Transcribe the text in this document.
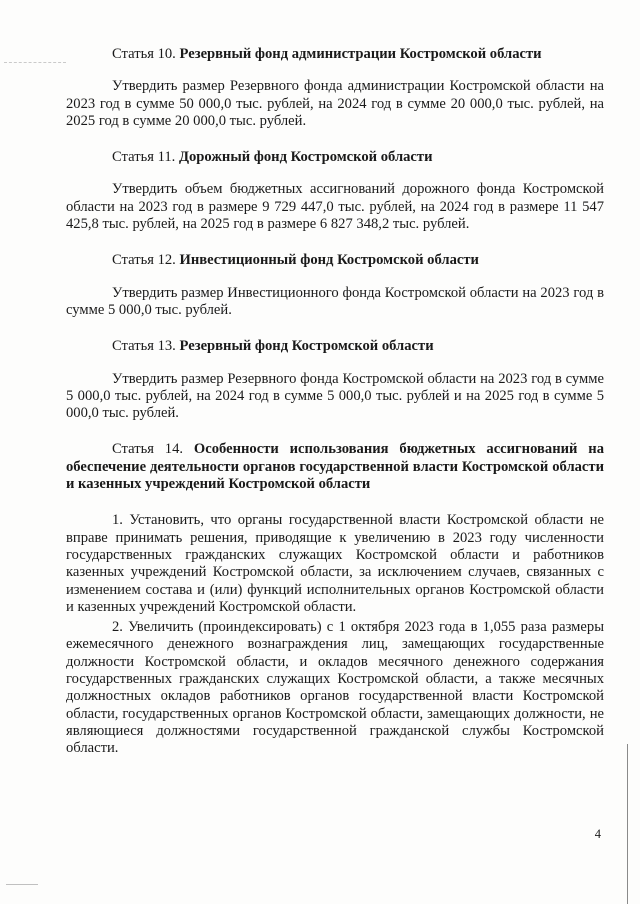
Статья 10. Резервный фонд администрации Костромской области

Утвердить размер Резервного фонда администрации Костромской области на 2023 год в сумме 50 000,0 тыс. рублей, на 2024 год в сумме 20 000,0 тыс. рублей, на 2025 год в сумме 20 000,0 тыс. рублей.

Статья 11. Дорожный фонд Костромской области

Утвердить объем бюджетных ассигнований дорожного фонда Костромской области на 2023 год в размере 9 729 447,0 тыс. рублей, на 2024 год в размере 11 547 425,8 тыс. рублей, на 2025 год в размере 6 827 348,2 тыс. рублей.

Статья 12. Инвестиционный фонд Костромской области

Утвердить размер Инвестиционного фонда Костромской области на 2023 год в сумме 5 000,0 тыс. рублей.

Статья 13. Резервный фонд Костромской области

Утвердить размер Резервного фонда Костромской области на 2023 год в сумме 5 000,0 тыс. рублей, на 2024 год в сумме 5 000,0 тыс. рублей и на 2025 год в сумме 5 000,0 тыс. рублей.

Статья 14. Особенности использования бюджетных ассигнований на обеспечение деятельности органов государственной власти Костромской области и казенных учреждений Костромской области

1. Установить, что органы государственной власти Костромской области не вправе принимать решения, приводящие к увеличению в 2023 году численности государственных гражданских служащих Костромской области и работников казенных учреждений Костромской области, за исключением случаев, связанных с изменением состава и (или) функций исполнительных органов Костромской области и казенных учреждений Костромской области.

2. Увеличить (проиндексировать) с 1 октября 2023 года в 1,055 раза размеры ежемесячного денежного вознаграждения лиц, замещающих государственные должности Костромской области, и окладов месячного денежного содержания государственных гражданских служащих Костромской области, а также месячных должностных окладов работников органов государственной власти Костромской области, государственных органов Костромской области, замещающих должности, не являющиеся должностями государственной гражданской службы Костромской области.

4
